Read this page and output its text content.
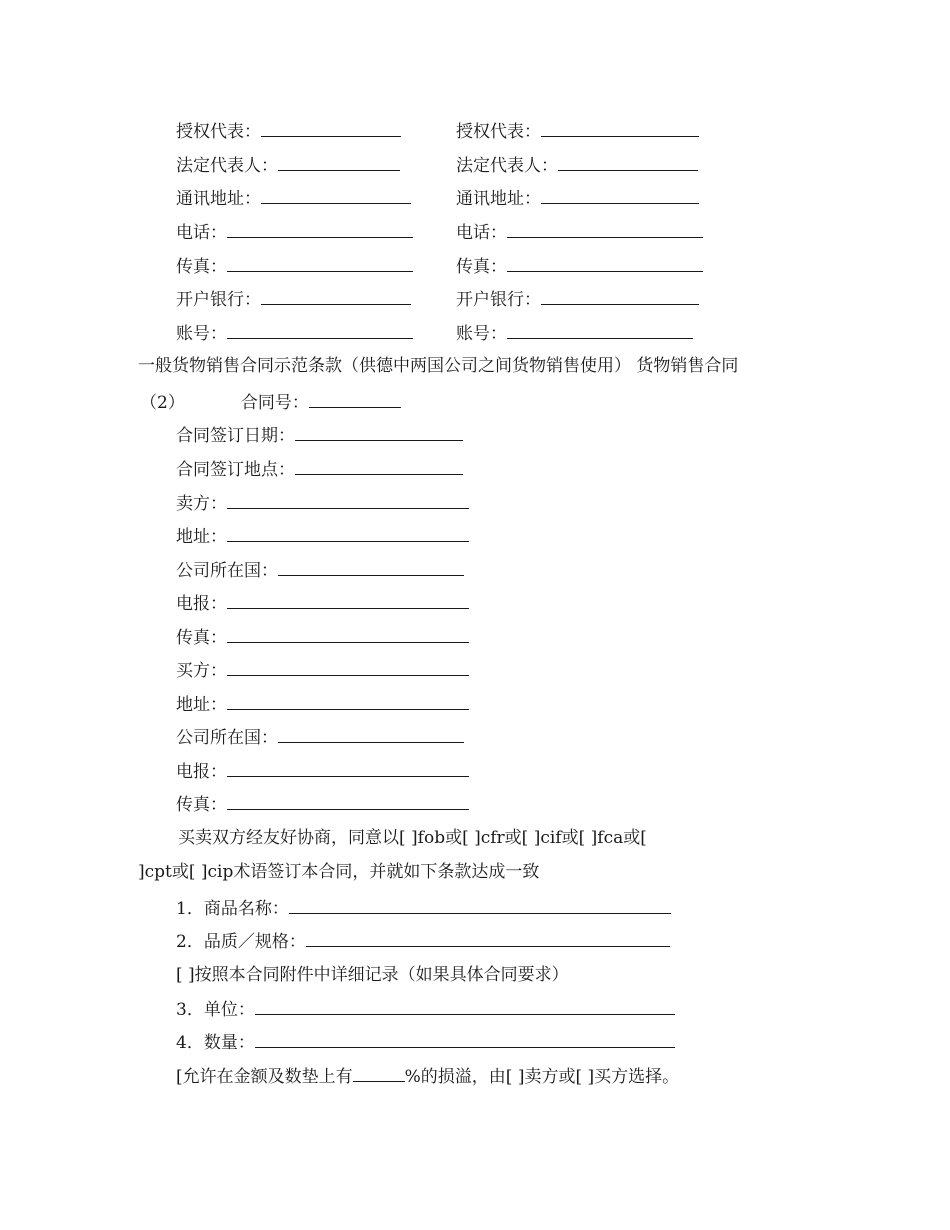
授权代表：	授权代表：
法定代表人：	法定代表人：
通讯地址：	通讯地址：
电话：	电话：
传真：	传真：
开户银行：	开户银行：
账号：	账号：
一般货物销售合同示范条款（供德中两国公司之间货物销售使用） 货物销售合同
（2）	合同号：
合同签订日期：
合同签订地点：
卖方：
地址：
公司所在国：
电报：
传真：
买方：
地址：
公司所在国：
电报：
传真：
买卖双方经友好协商，同意以[ ]fob或[ ]cfr或[ ]cif或[ ]fca或[
]cpt或[ ]cip术语签订本合同，并就如下条款达成一致
1．商品名称：
2．品质／规格：
[ ]按照本合同附件中详细记录（如果具体合同要求）
3．单位：
4．数量：
[允许在金额及数垫上有	%的损溢，由[ ]卖方或[ ]买方选择。
